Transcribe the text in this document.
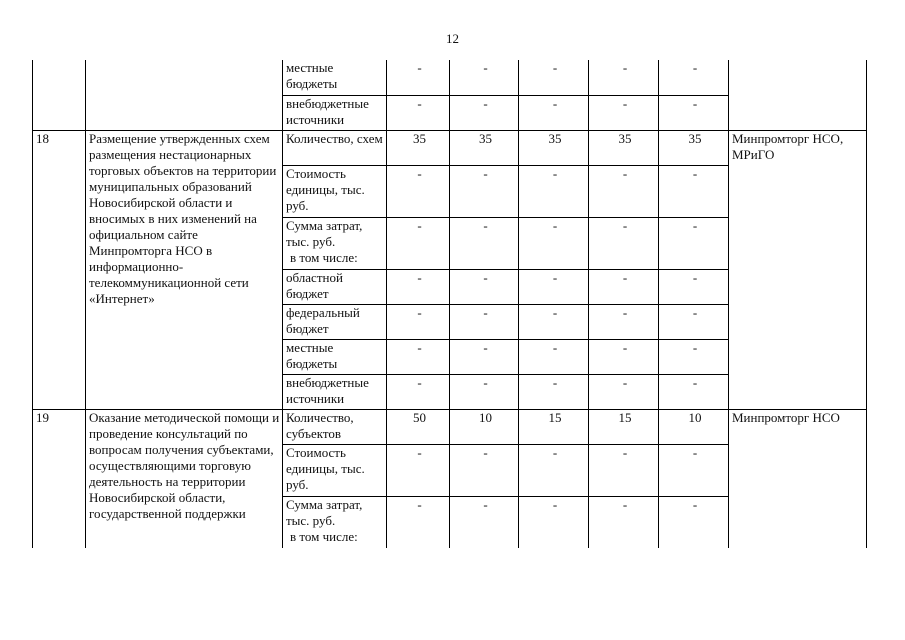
12
		местные бюджеты	-	-	-	-	-	
		внебюджетные источники	-	-	-	-	-	
18	Размещение утвержденных схем размещения нестационарных торговых объектов на территории муниципальных образований Новосибирской области и вносимых в них изменений на официальном сайте Минпромторга НСО в информационно-телекоммуникационной сети «Интернет»	Количество, схем	35	35	35	35	35	Минпромторг НСО, МРиГО
		Стоимость единицы, тыс. руб.	-	-	-	-	-	
		Сумма затрат, тыс. руб.
в том числе:	-	-	-	-	-	
		областной бюджет	-	-	-	-	-	
		федеральный бюджет	-	-	-	-	-	
		местные бюджеты	-	-	-	-	-	
		внебюджетные источники	-	-	-	-	-	
19	Оказание методической помощи и проведение консультаций по вопросам получения субъектами, осуществляющими торговую деятельность на территории Новосибирской области, государственной поддержки	Количество, субъектов	50	10	15	15	10	Минпромторг НСО
		Стоимость единицы, тыс. руб.	-	-	-	-	-	
		Сумма затрат, тыс. руб.
в том числе:	-	-	-	-	-	
